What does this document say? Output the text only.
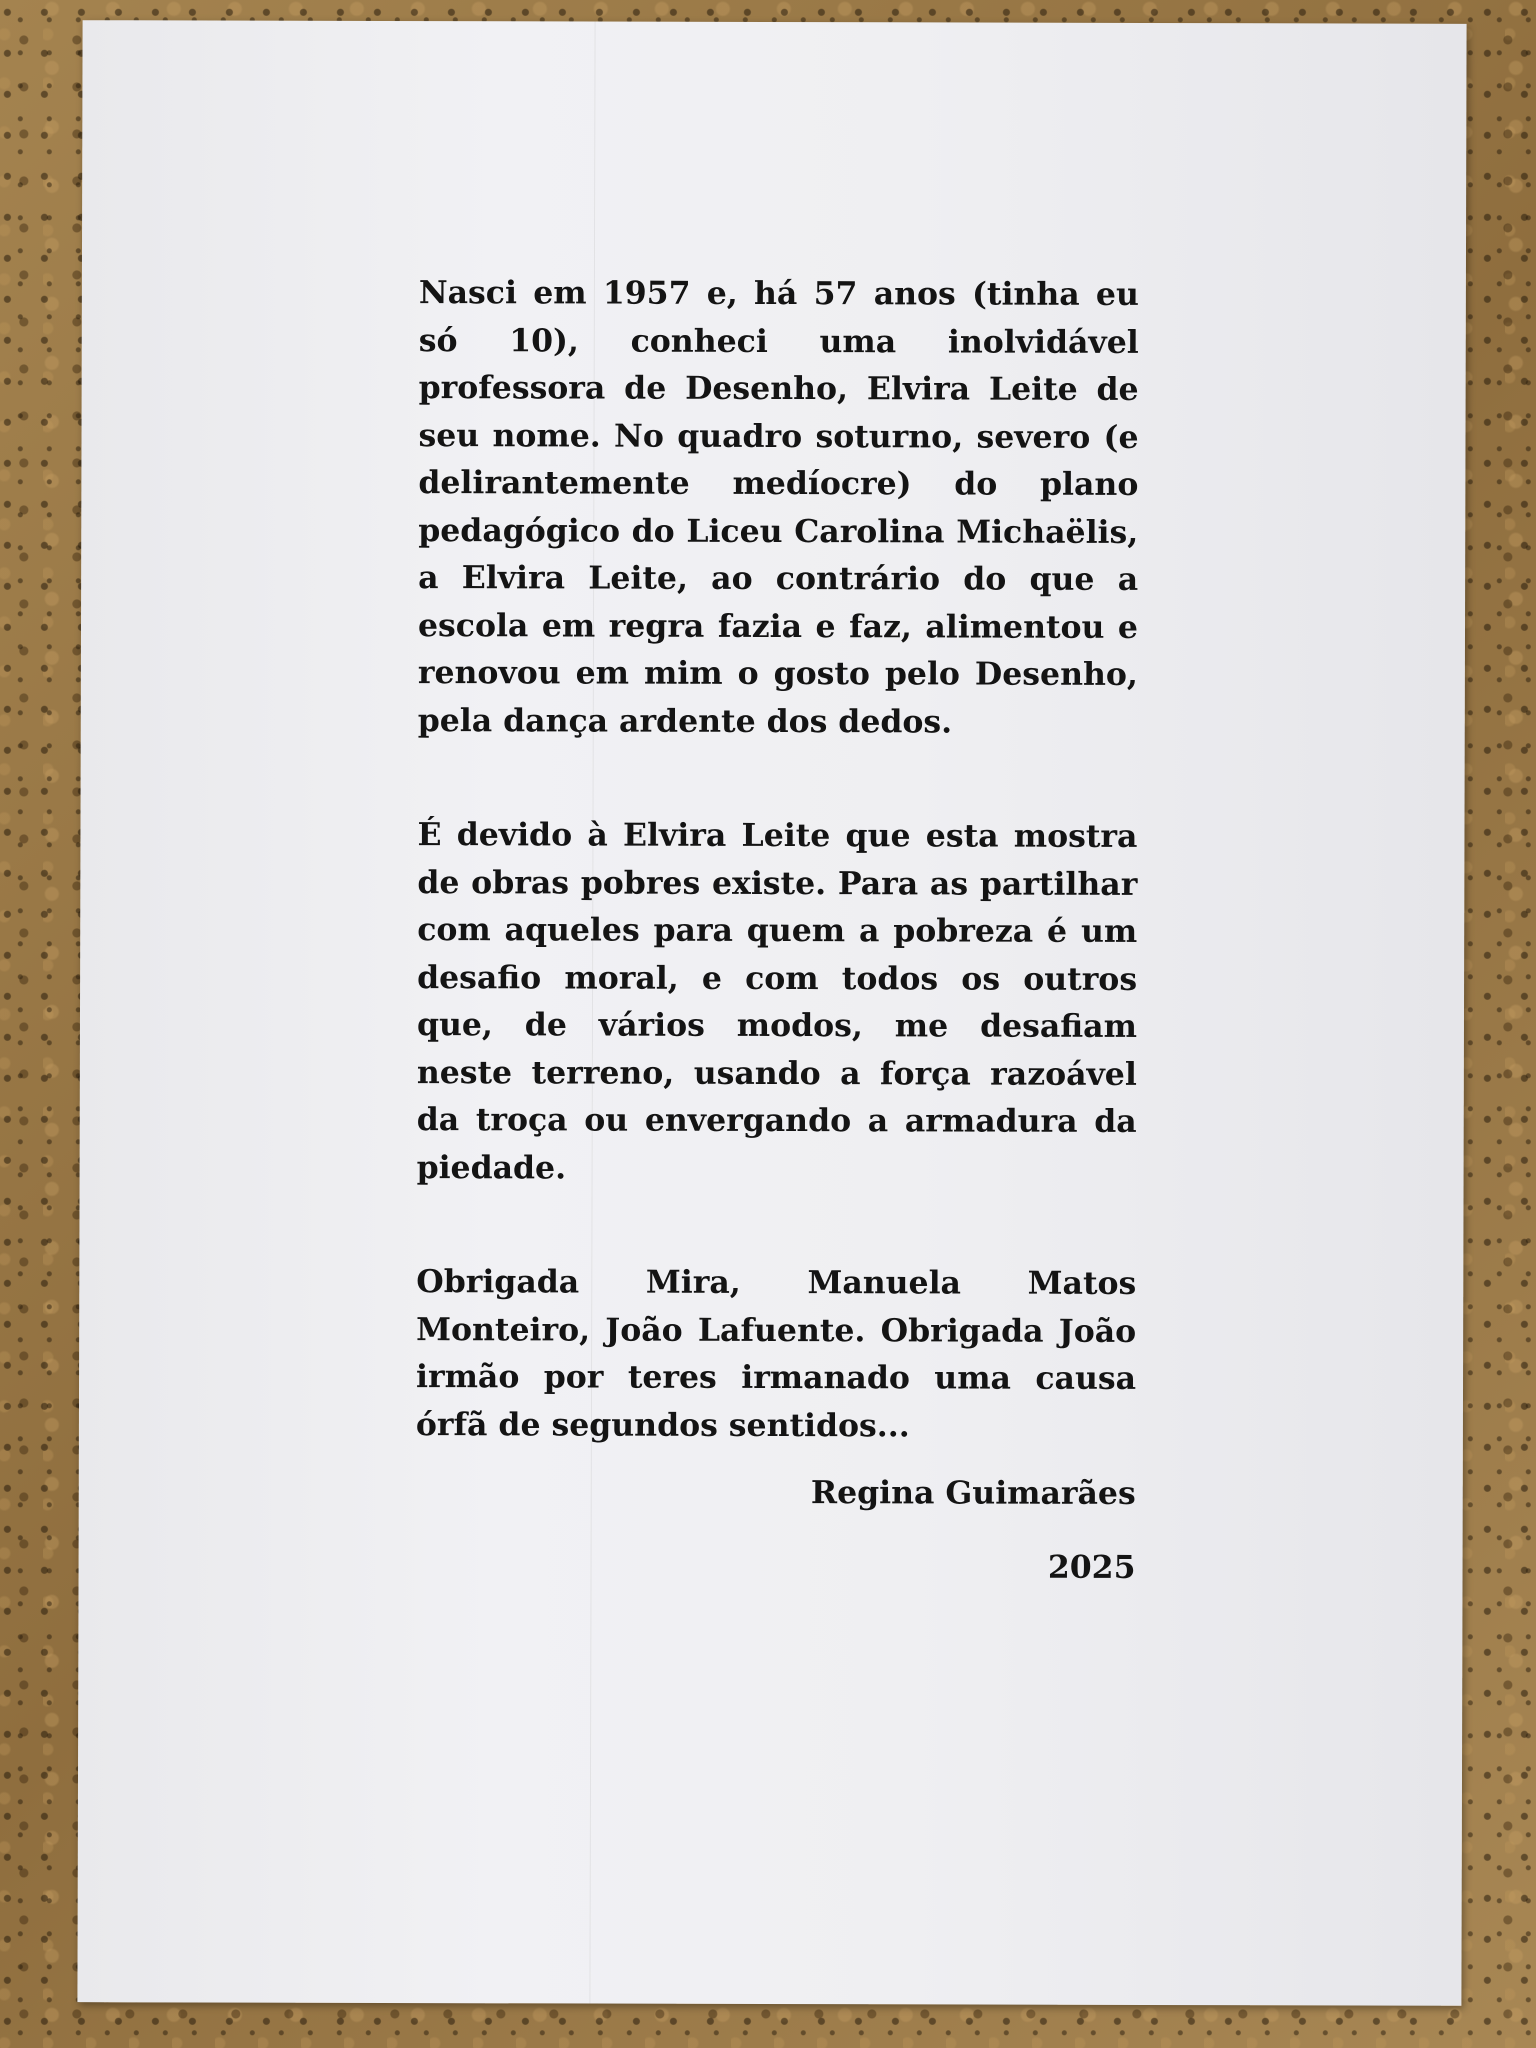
Nasci em 1957 e, há 57 anos (tinha eu só 10), conheci uma inolvidável professora de Desenho, Elvira Leite de seu nome. No quadro soturno, severo (e delirantemente medíocre) do plano pedagógico do Liceu Carolina Michaëlis, a Elvira Leite, ao contrário do que a escola em regra fazia e faz, alimentou e renovou em mim o gosto pelo Desenho, pela dança ardente dos dedos.

É devido à Elvira Leite que esta mostra de obras pobres existe. Para as partilhar com aqueles para quem a pobreza é um desafio moral, e com todos os outros que, de vários modos, me desafiam neste terreno, usando a força razoável da troça ou envergando a armadura da piedade.

Obrigada Mira, Manuela Matos Monteiro, João Lafuente. Obrigada João irmão por teres irmanado uma causa órfã de segundos sentidos...

Regina Guimarães

2025
